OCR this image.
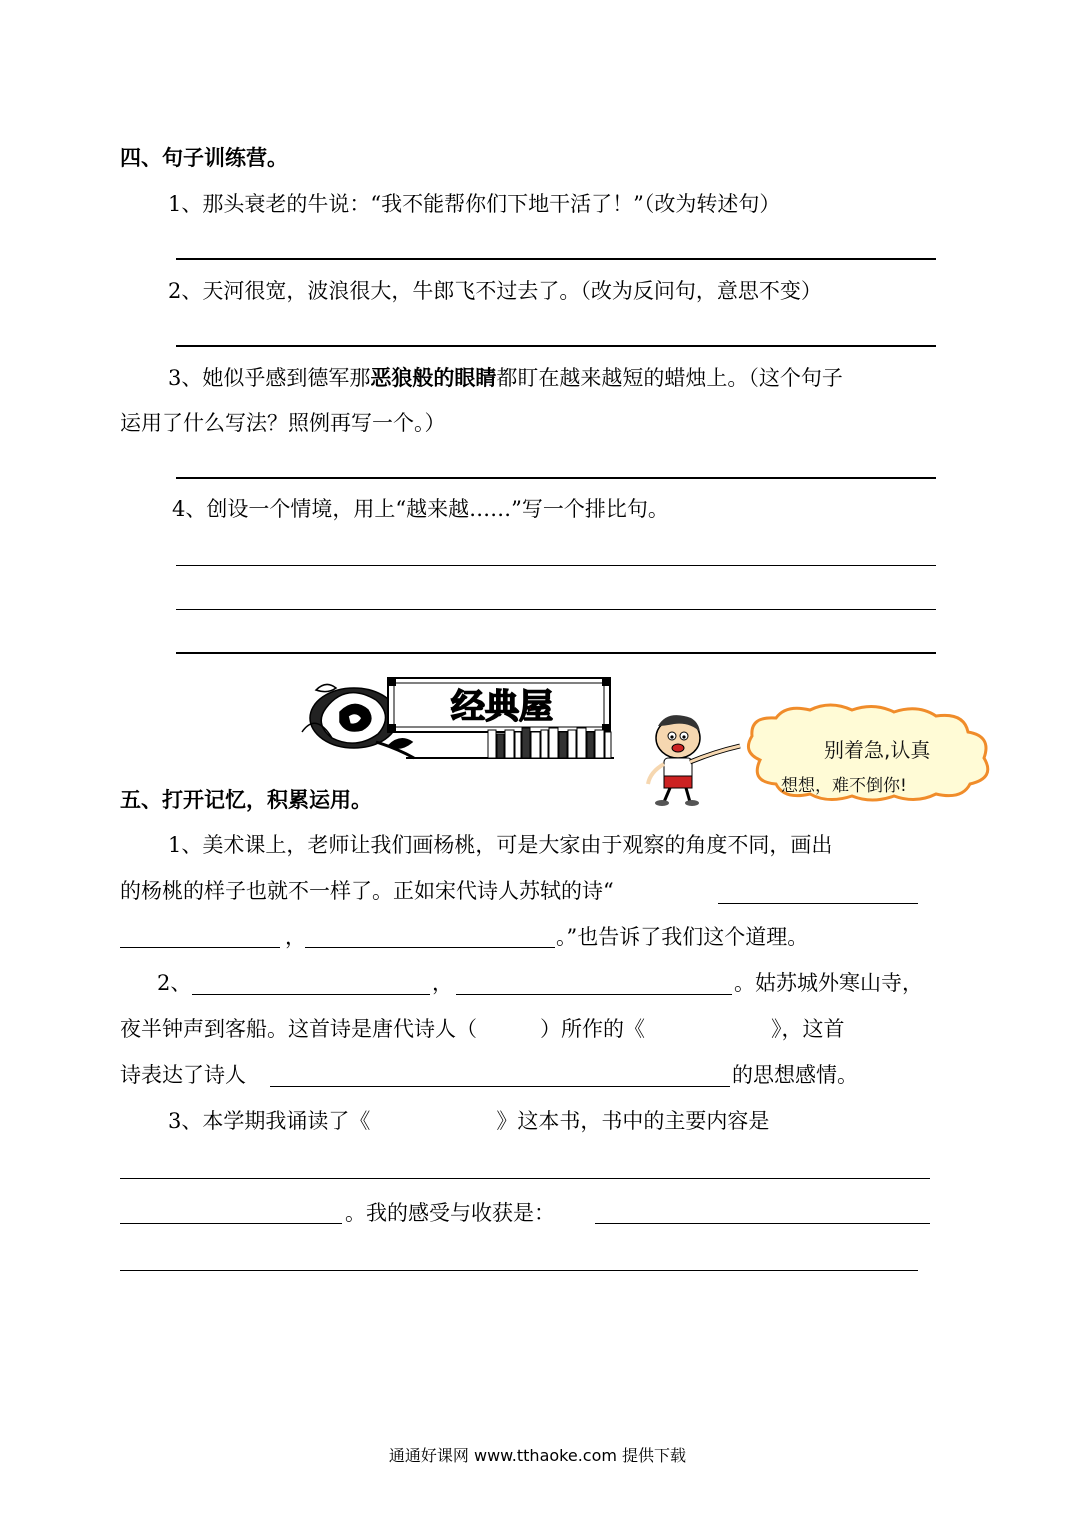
四、句子训练营。
1、那头衰老的牛说：“我不能帮你们下地干活了！”（改为转述句）
2、天河很宽，波浪很大，牛郎飞不过去了。（改为反问句，意思不变）
3、她似乎感到德军那恶狼般的眼睛都盯在越来越短的蜡烛上。（这个句子
运用了什么写法？照例再写一个。）
4、创设一个情境，用上“越来越……”写一个排比句。
经典屋
别着急,认真
想想，难不倒你!
五、打开记忆，积累运用。
1、美术课上，老师让我们画杨桃，可是大家由于观察的角度不同，画出
的杨桃的样子也就不一样了。正如宋代诗人苏轼的诗“
，	。”也告诉了我们这个道理。
2、	，	。姑苏城外寒山寺，
夜半钟声到客船。这首诗是唐代诗人（　　　）所作的《　　　　　　》，这首
诗表达了诗人	的思想感情。
3、本学期我诵读了《　　　　　　》这本书，书中的主要内容是
。我的感受与收获是：
通通好课网 www.tthaoke.com 提供下载
